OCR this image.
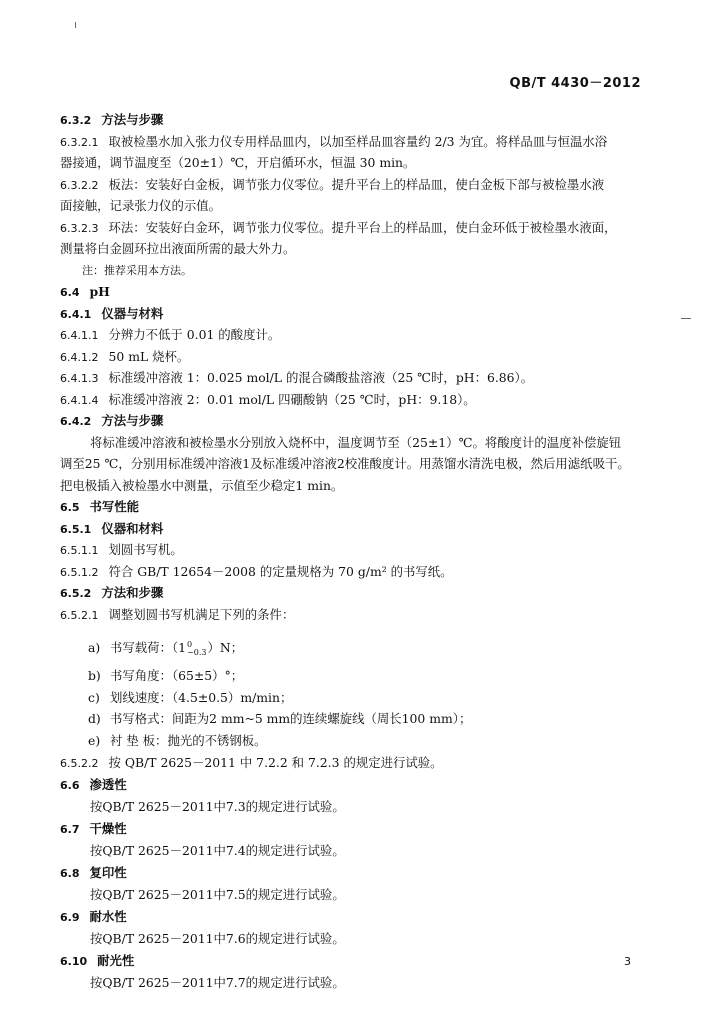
QB/T 4430－2012
6.3.2 方法与步骤
6.3.2.1 取被检墨水加入张力仪专用样品皿内，以加至样品皿容量约 2/3 为宜。将样品皿与恒温水浴
器接通，调节温度至（20±1）℃，开启循环水，恒温 30 min。
6.3.2.2 板法：安装好白金板，调节张力仪零位。提升平台上的样品皿，使白金板下部与被检墨水液
面接触，记录张力仪的示值。
6.3.2.3 环法：安装好白金环，调节张力仪零位。提升平台上的样品皿，使白金环低于被检墨水液面，
测量将白金圆环拉出液面所需的最大外力。
注：推荐采用本方法。
6.4 pH
6.4.1 仪器与材料
6.4.1.1 分辨力不低于 0.01 的酸度计。
6.4.1.2 50 mL 烧杯。
6.4.1.3 标准缓冲溶液 1：0.025 mol/L 的混合磷酸盐溶液（25 ℃时，pH：6.86）。
6.4.1.4 标准缓冲溶液 2：0.01 mol/L 四硼酸钠（25 ℃时，pH：9.18）。
6.4.2 方法与步骤
将标准缓冲溶液和被检墨水分别放入烧杯中，温度调节至（25±1）℃。将酸度计的温度补偿旋钮
调至25 ℃，分别用标准缓冲溶液1及标准缓冲溶液2校准酸度计。用蒸馏水清洗电极，然后用滤纸吸干。
把电极插入被检墨水中测量，示值至少稳定1 min。
6.5 书写性能
6.5.1 仪器和材料
6.5.1.1 划圆书写机。
6.5.1.2 符合 GB/T 12654－2008 的定量规格为 70 g/m² 的书写纸。
6.5.2 方法和步骤
6.5.2.1 调整划圆书写机满足下列的条件：
a) 书写载荷：（1 0
−0.3 ）N；
b) 书写角度：（65±5）°；
c) 划线速度：（4.5±0.5）m/min；
d) 书写格式：间距为2 mm~5 mm的连续螺旋线（周长100 mm）；
e) 衬 垫 板：抛光的不锈钢板。
6.5.2.2 按 QB/T 2625－2011 中 7.2.2 和 7.2.3 的规定进行试验。
6.6 渗透性
按QB/T 2625－2011中7.3的规定进行试验。
6.7 干燥性
按QB/T 2625－2011中7.4的规定进行试验。
6.8 复印性
按QB/T 2625－2011中7.5的规定进行试验。
6.9 耐水性
按QB/T 2625－2011中7.6的规定进行试验。
6.10 耐光性
按QB/T 2625－2011中7.7的规定进行试验。
3
